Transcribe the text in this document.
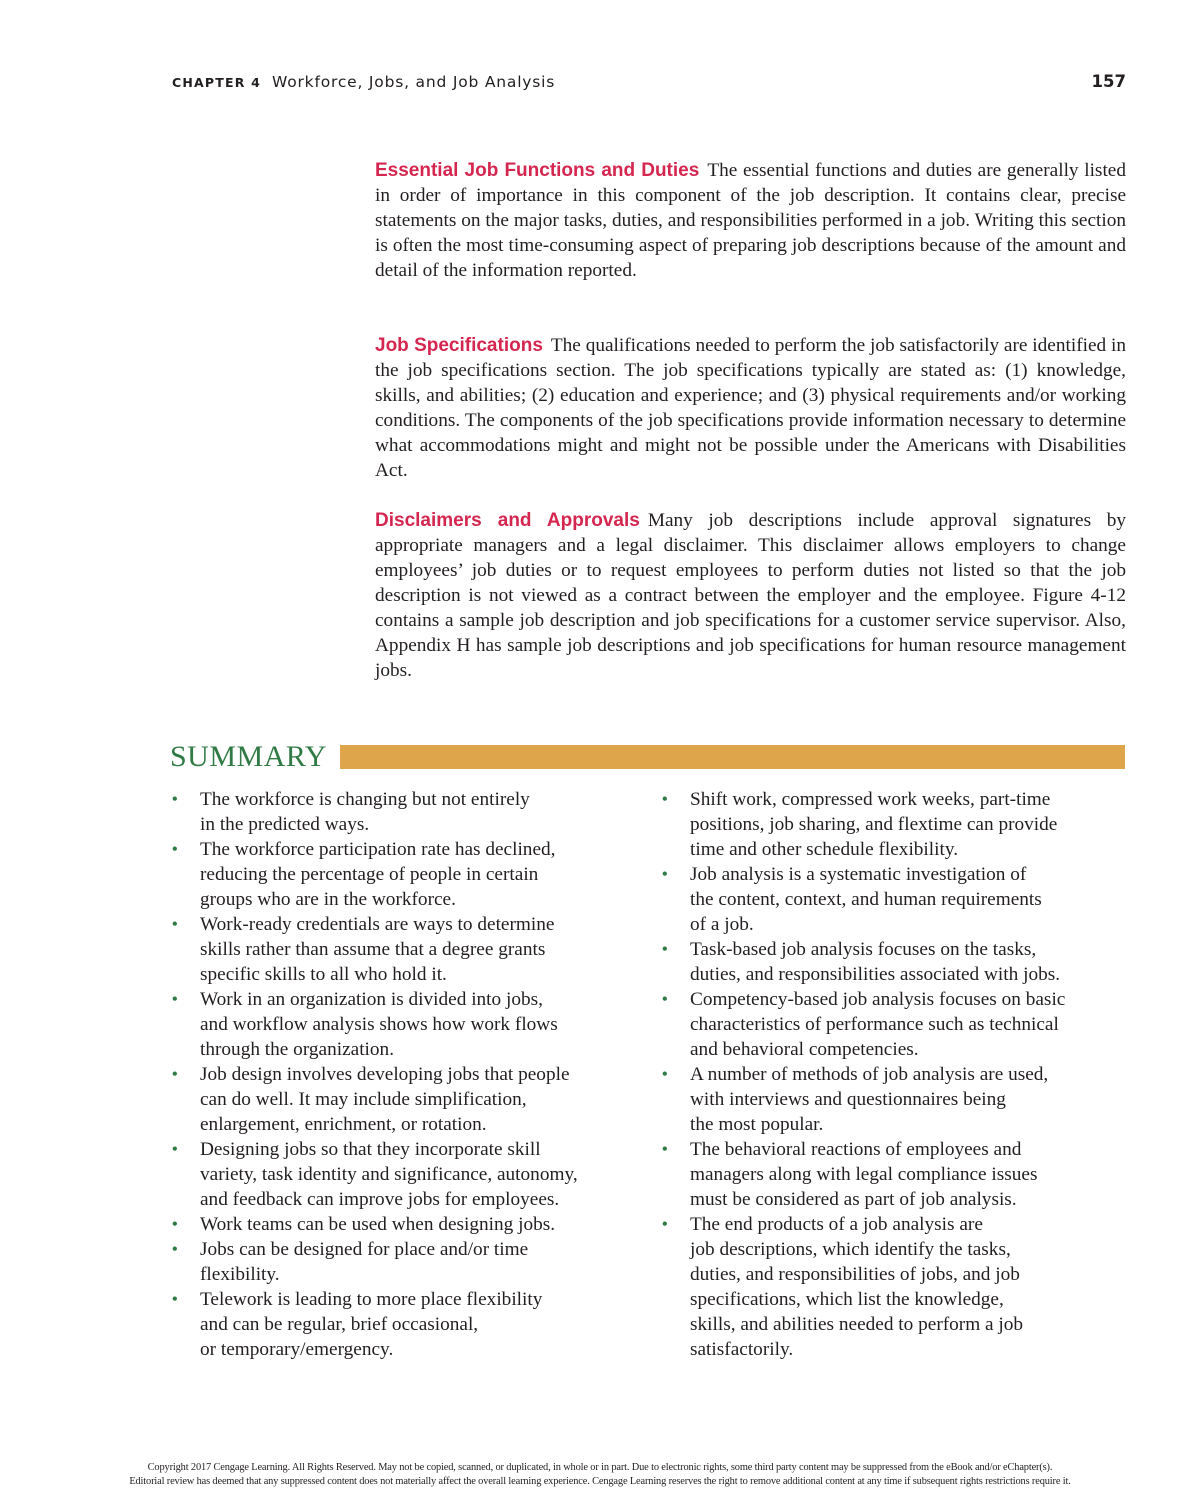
CHAPTER 4 Workforce, Jobs, and Job Analysis	157

Essential Job Functions and Duties The essential functions and duties are generally listed in order of importance in this component of the job description. It contains clear, precise statements on the major tasks, duties, and responsibilities performed in a job. Writing this section is often the most time-consuming aspect of preparing job descriptions because of the amount and detail of the information reported.

Job Specifications The qualifications needed to perform the job satisfactorily are identified in the job specifications section. The job specifications typically are stated as: (1) knowledge, skills, and abilities; (2) education and experience; and (3) physical requirements and/or working conditions. The components of the job specifications provide information necessary to determine what accommodations might and might not be possible under the Americans with Disabilities Act.

Disclaimers and Approvals Many job descriptions include approval signatures by appropriate managers and a legal disclaimer. This disclaimer allows employers to change employees’ job duties or to request employees to perform duties not listed so that the job description is not viewed as a contract between the employer and the employee. Figure 4-12 contains a sample job description and job specifications for a customer service supervisor. Also, Appendix H has sample job descriptions and job specifications for human resource management jobs.

SUMMARY
• The workforce is changing but not entirely
in the predicted ways.
• The workforce participation rate has declined,
reducing the percentage of people in certain
groups who are in the workforce.
• Work-ready credentials are ways to determine
skills rather than assume that a degree grants
specific skills to all who hold it.
• Work in an organization is divided into jobs,
and workflow analysis shows how work flows
through the organization.
• Job design involves developing jobs that people
can do well. It may include simplification,
enlargement, enrichment, or rotation.
• Designing jobs so that they incorporate skill
variety, task identity and significance, autonomy,
and feedback can improve jobs for employees.
• Work teams can be used when designing jobs.
• Jobs can be designed for place and/or time
flexibility.
• Telework is leading to more place flexibility
and can be regular, brief occasional,
or temporary/emergency.
• Shift work, compressed work weeks, part-time
positions, job sharing, and flextime can provide
time and other schedule flexibility.
• Job analysis is a systematic investigation of
the content, context, and human requirements
of a job.
• Task-based job analysis focuses on the tasks,
duties, and responsibilities associated with jobs.
• Competency-based job analysis focuses on basic
characteristics of performance such as technical
and behavioral competencies.
• A number of methods of job analysis are used,
with interviews and questionnaires being
the most popular.
• The behavioral reactions of employees and
managers along with legal compliance issues
must be considered as part of job analysis.
• The end products of a job analysis are
job descriptions, which identify the tasks,
duties, and responsibilities of jobs, and job
specifications, which list the knowledge,
skills, and abilities needed to perform a job
satisfactorily.
Copyright 2017 Cengage Learning. All Rights Reserved. May not be copied, scanned, or duplicated, in whole or in part. Due to electronic rights, some third party content may be suppressed from the eBook and/or eChapter(s).
Editorial review has deemed that any suppressed content does not materially affect the overall learning experience. Cengage Learning reserves the right to remove additional content at any time if subsequent rights restrictions require it.
